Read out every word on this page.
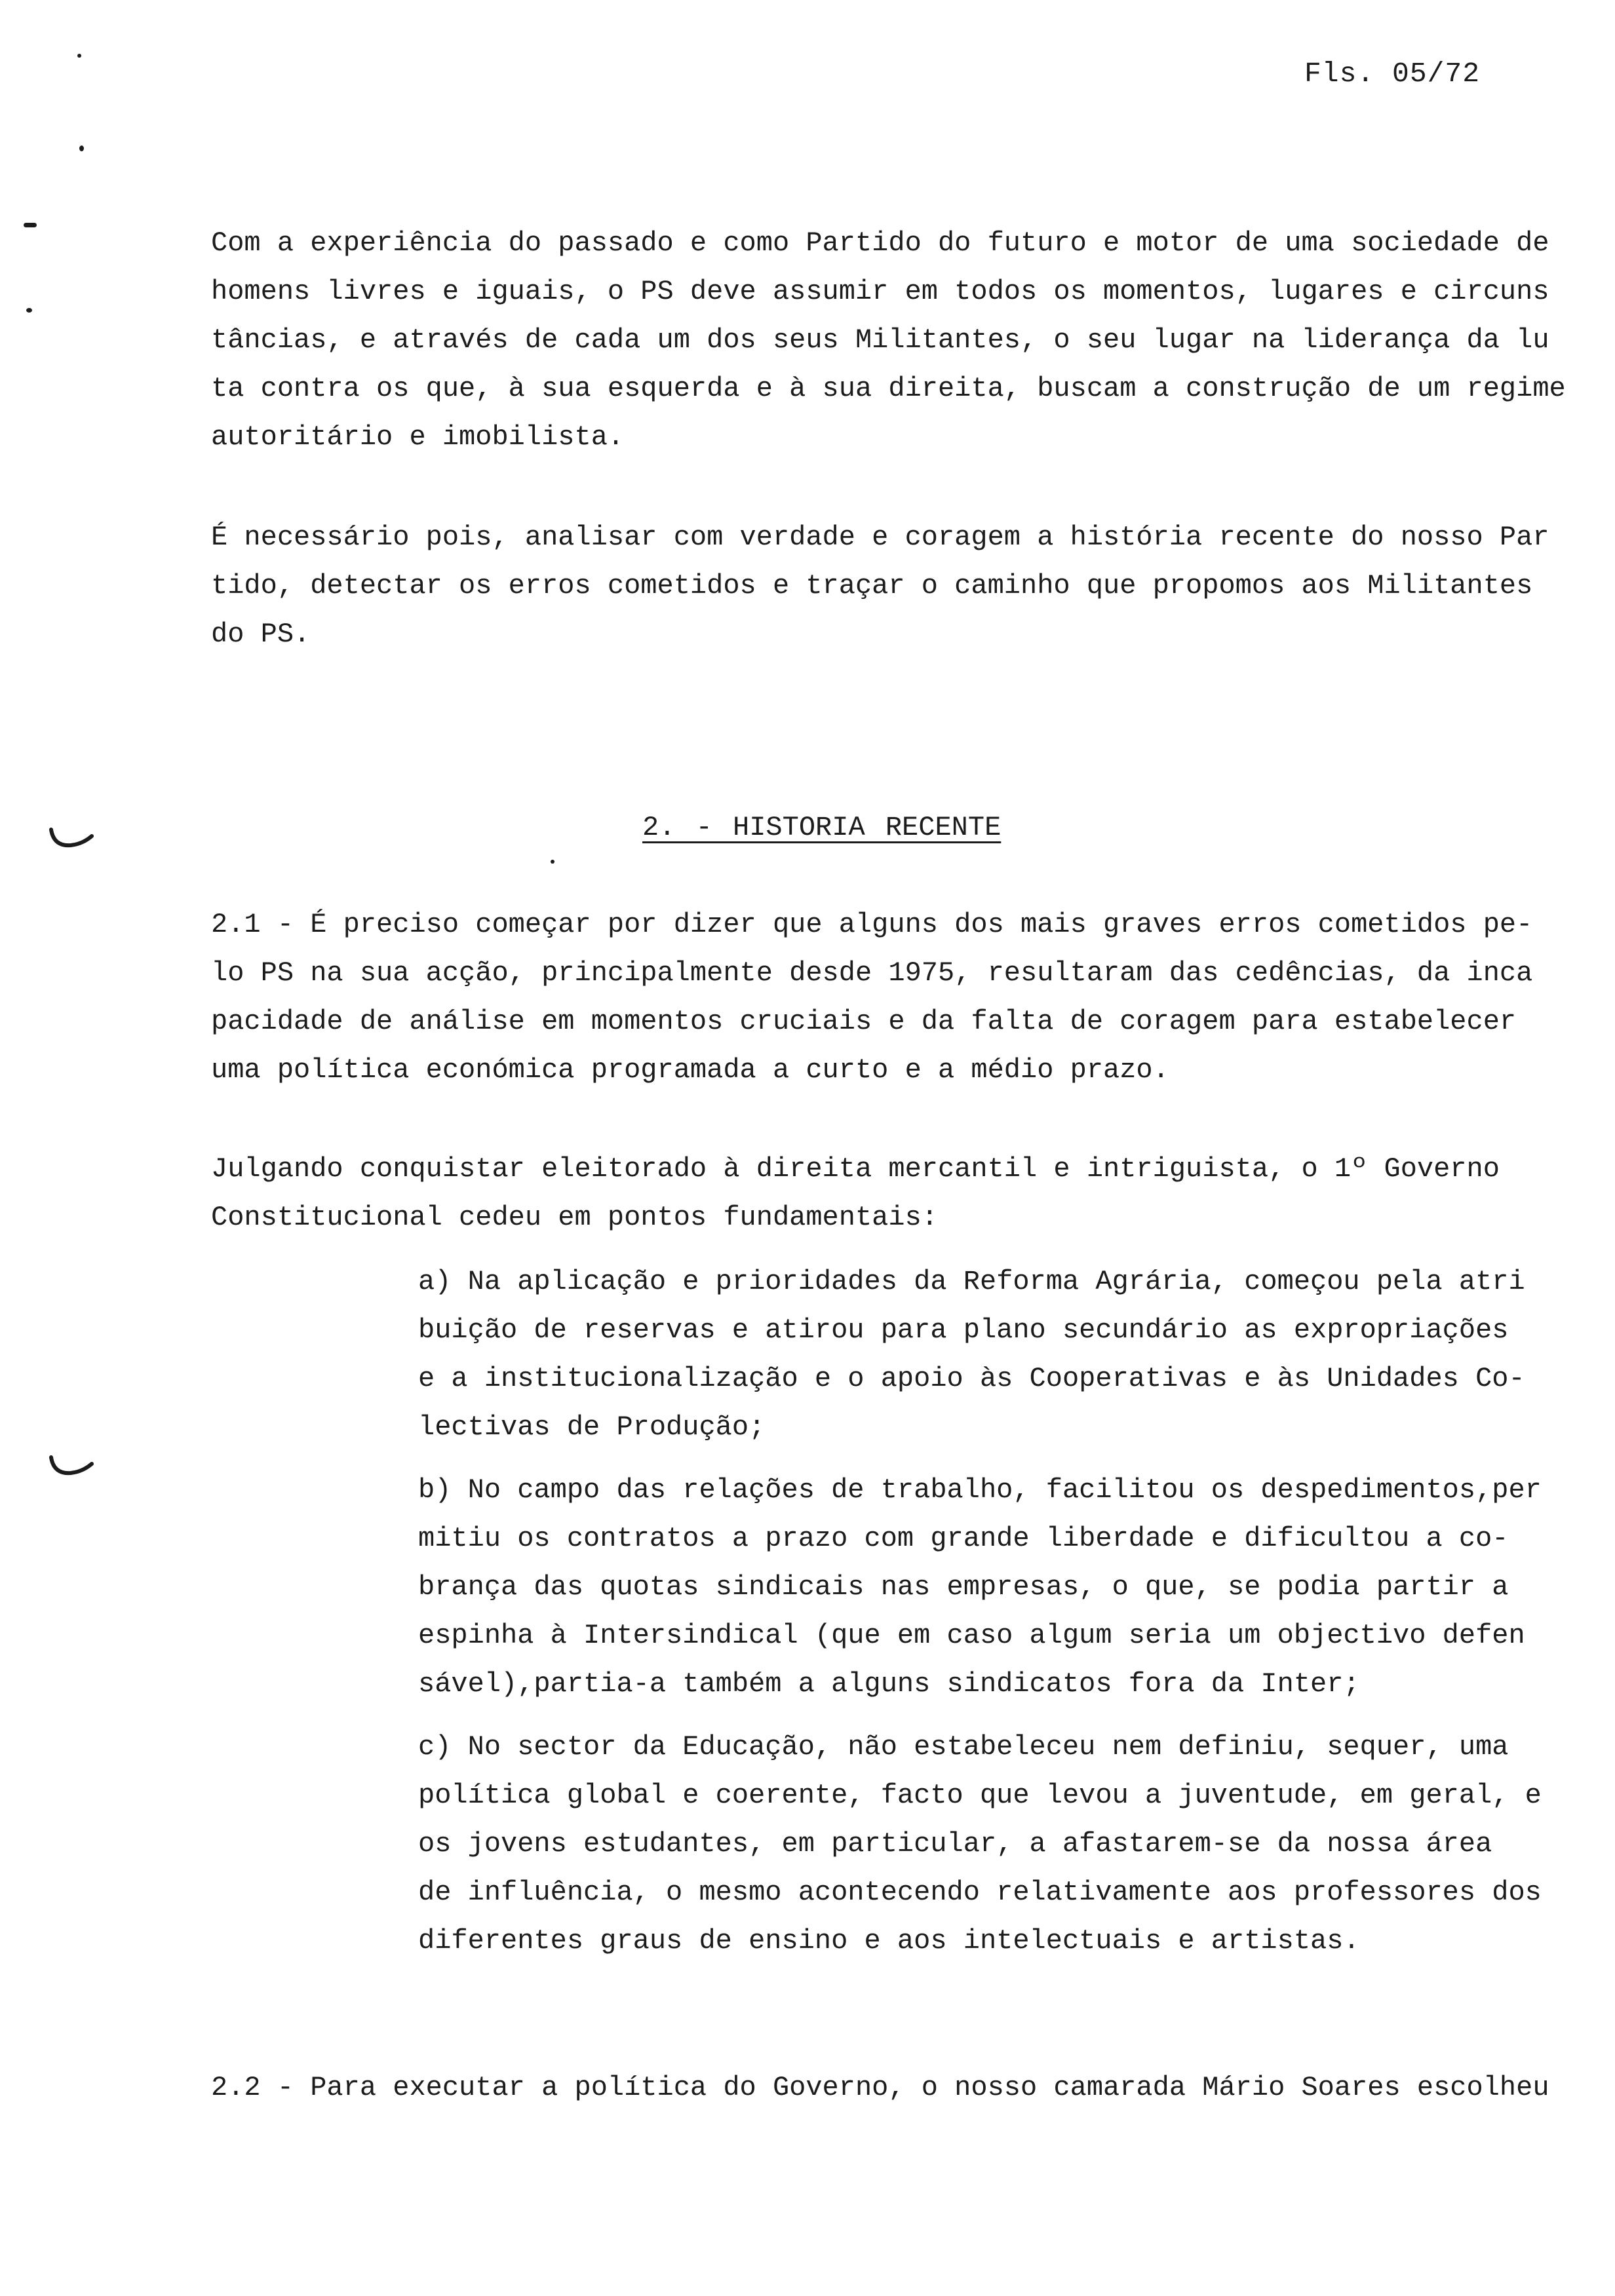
Fls. 05/72
Com a experiência do passado e como Partido do futuro e motor de uma sociedade de
homens livres e iguais, o PS deve assumir em todos os momentos, lugares e circuns
tâncias, e através de cada um dos seus Militantes, o seu lugar na liderança da lu
ta contra os que, à sua esquerda e à sua direita, buscam a construção de um regime
autoritário e imobilista.
É necessário pois, analisar com verdade e coragem a história recente do nosso Par
tido, detectar os erros cometidos e traçar o caminho que propomos aos Militantes
do PS.
2. - HISTORIA RECENTE
2.1 - É preciso começar por dizer que alguns dos mais graves erros cometidos pe-
lo PS na sua acção, principalmente desde 1975, resultaram das cedências, da inca
pacidade de análise em momentos cruciais e da falta de coragem para estabelecer
uma política económica programada a curto e a médio prazo.
Julgando conquistar eleitorado à direita mercantil e intriguista, o 1º Governo
Constitucional cedeu em pontos fundamentais:
a) Na aplicação e prioridades da Reforma Agrária, começou pela atri
buição de reservas e atirou para plano secundário as expropriações
e a institucionalização e o apoio às Cooperativas e às Unidades Co-
lectivas de Produção;
b) No campo das relações de trabalho, facilitou os despedimentos,per
mitiu os contratos a prazo com grande liberdade e dificultou a co-
brança das quotas sindicais nas empresas, o que, se podia partir a
espinha à Intersindical (que em caso algum seria um objectivo defen
sável),partia-a também a alguns sindicatos fora da Inter;
c) No sector da Educação, não estabeleceu nem definiu, sequer, uma
política global e coerente, facto que levou a juventude, em geral, e
os jovens estudantes, em particular, a afastarem-se da nossa área
de influência, o mesmo acontecendo relativamente aos professores dos
diferentes graus de ensino e aos intelectuais e artistas.
2.2 - Para executar a política do Governo, o nosso camarada Mário Soares escolheu
